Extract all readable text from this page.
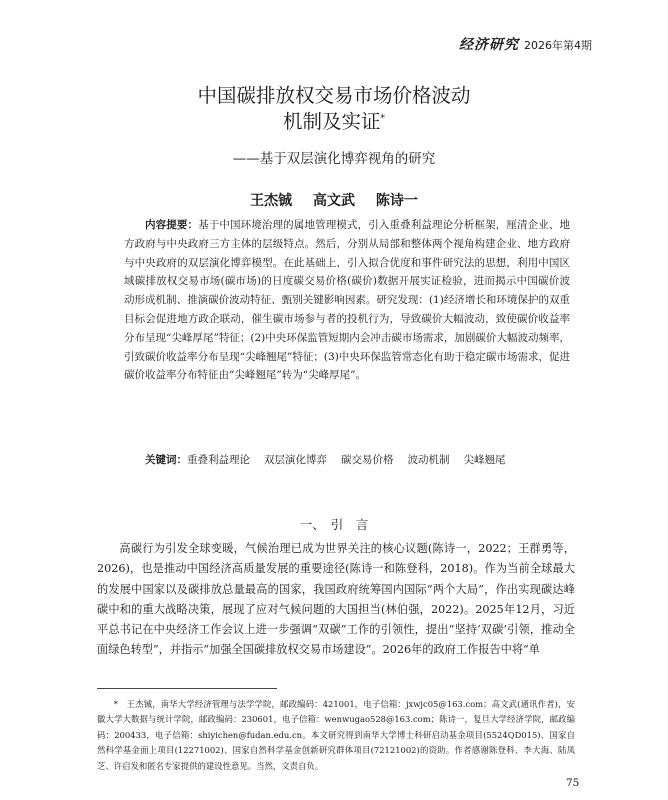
经济研究 2026年第4期
中国碳排放权交易市场价格波动
机制及实证*
——基于双层演化博弈视角的研究
王杰铖 高文武 陈诗一

内容提要：基于中国环境治理的属地管理模式，引入重叠利益理论分析框架，厘清企业、地方政府与中央政府三方主体的层级特点。然后，分别从局部和整体两个视角构建企业、地方政府与中央政府的双层演化博弈模型。在此基础上，引入拟合优度和事件研究法的思想，利用中国区域碳排放权交易市场(碳市场)的日度碳交易价格(碳价)数据开展实证检验，进而揭示中国碳价波动形成机制、推演碳价波动特征、甄别关键影响因素。研究发现：(1)经济增长和环境保护的双重目标会促进地方政企联动，催生碳市场参与者的投机行为，导致碳价大幅波动，致使碳价收益率分布呈现“尖峰厚尾”特征；(2)中央环保监管短期内会冲击碳市场需求，加剧碳价大幅波动频率，引致碳价收益率分布呈现“尖峰翘尾”特征；(3)中央环保监管常态化有助于稳定碳市场需求，促进碳价收益率分布特征由“尖峰翘尾”转为“尖峰厚尾”。

关键词：重叠利益理论 双层演化博弈 碳交易价格 波动机制 尖峰翘尾

一、 引　言

高碳行为引发全球变暖，气候治理已成为世界关注的核心议题(陈诗一，2022；王群勇等，2026)，也是推动中国经济高质量发展的重要途径(陈诗一和陈登科，2018)。作为当前全球最大的发展中国家以及碳排放总量最高的国家，我国政府统筹国内国际“两个大局”，作出实现碳达峰碳中和的重大战略决策，展现了应对气候问题的大国担当(林伯强，2022)。2025年12月，习近平总书记在中央经济工作会议上进一步强调“双碳”工作的引领性，提出“坚持‘双碳’引领，推动全面绿色转型”，并指示“加强全国碳排放权交易市场建设”。2026年的政府工作报告中将“单

*　 王杰铖，南华大学经济管理与法学学院，邮政编码：421001，电子信箱：jxwjc05@163.com；高文武(通讯作者)，安徽大学大数据与统计学院，邮政编码：230601，电子信箱：wenwugao528@163.com；陈诗一，复旦大学经济学院，邮政编码：200433，电子信箱：shiyichen@fudan.edu.cn。本文研究得到南华大学博士科研启动基金项目(5524QD015)、国家自然科学基金面上项目(12271002)、国家自然科学基金创新研究群体项目(72121002)的资助。作者感谢陈登科、李大海、陆凤芝、许启发和匿名专家提供的建设性意见。当然，文责自负。

75
